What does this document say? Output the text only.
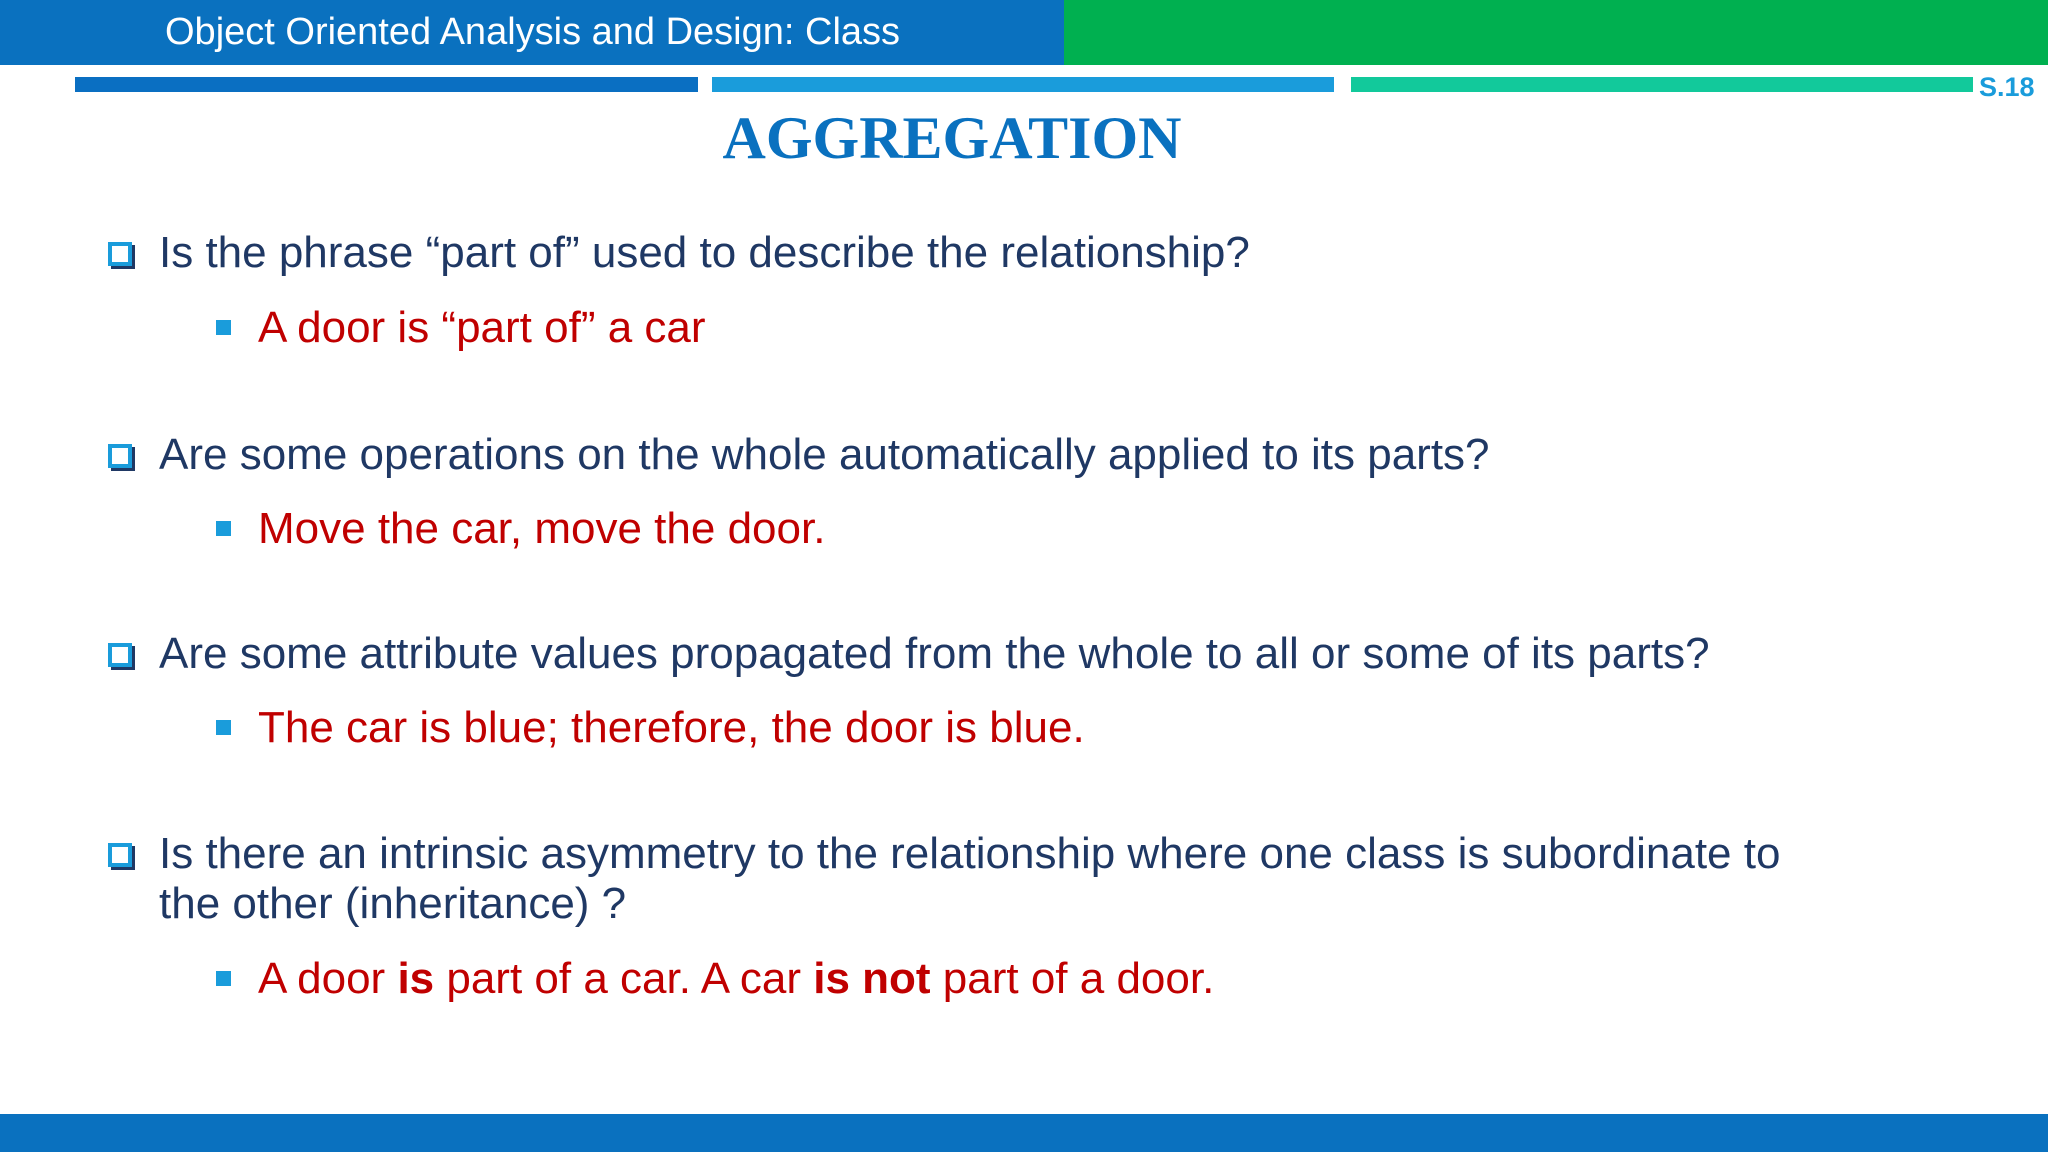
Object Oriented Analysis and Design: Class
S.18
AGGREGATION
Is the phrase “part of” used to describe the relationship?
A door is “part of” a car
Are some operations on the whole automatically applied to its parts?
Move the car, move the door.
Are some attribute values propagated from the whole to all or some of its parts?
The car is blue; therefore, the door is blue.
Is there an intrinsic asymmetry to the relationship where one class is subordinate to
the other (inheritance) ?
A door is part of a car. A car is not part of a door.
